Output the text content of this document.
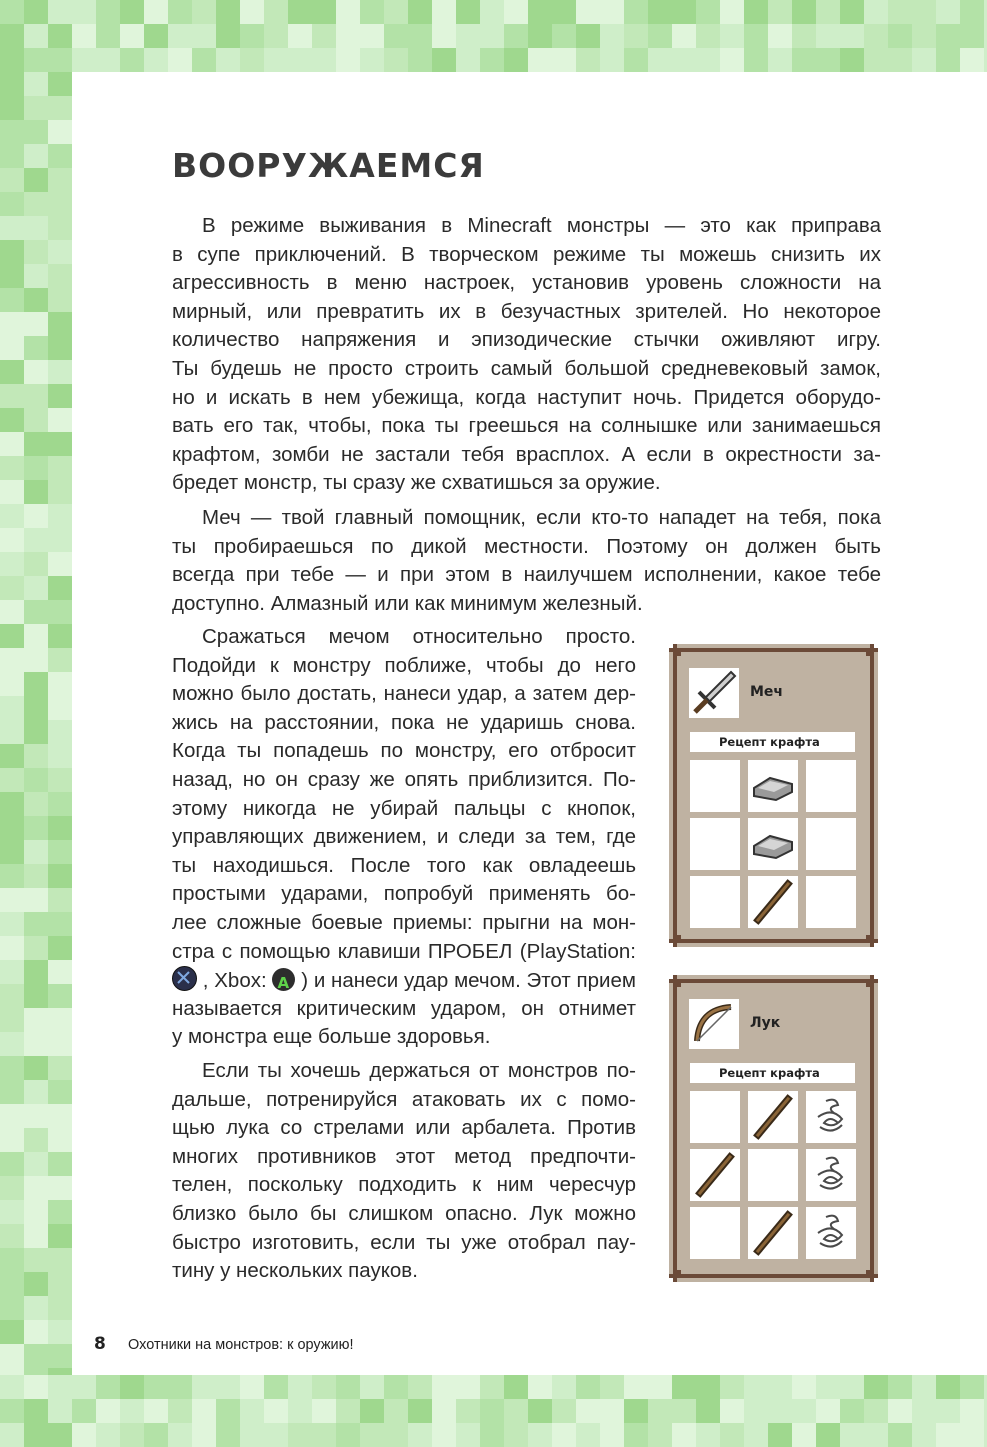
ВООРУЖАЕМСЯ
В режиме выживания в Minecraft монстры — это как приправа
в супе приключений. В творческом режиме ты можешь снизить их
агрессивность в меню настроек, установив уровень сложности на
мирный, или превратить их в безучастных зрителей. Но некоторое
количество напряжения и эпизодические стычки оживляют игру.
Ты будешь не просто строить самый большой средневековый замок,
но и искать в нем убежища, когда наступит ночь. Придется оборудо-
вать его так, чтобы, пока ты греешься на солнышке или занимаешься
крафтом, зомби не застали тебя врасплох. А если в окрестности за-
бредет монстр, ты сразу же схватишься за оружие.
Меч — твой главный помощник, если кто-то нападет на тебя, пока
ты пробираешься по дикой местности. Поэтому он должен быть
всегда при тебе — и при этом в наилучшем исполнении, какое тебе
доступно. Алмазный или как минимум железный.
Сражаться мечом относительно просто.
Подойди к монстру поближе, чтобы до него
можно было достать, нанеси удар, а затем дер-
жись на расстоянии, пока не ударишь снова.
Когда ты попадешь по монстру, его отбросит
назад, но он сразу же опять приблизится. По-
этому никогда не убирай пальцы с кнопок,
управляющих движением, и следи за тем, где
ты находишься. После того как овладеешь
простыми ударами, попробуй применять бо-
лее сложные боевые приемы: прыгни на мон-
стра с помощью клавиши ПРОБЕЛ (PlayStation:
, Xbox: A ) и нанеси удар мечом. Этот прием
называется критическим ударом, он отнимет
у монстра еще больше здоровья.
Если ты хочешь держаться от монстров по-
дальше, потренируйся атаковать их с помо-
щью лука со стрелами или арбалета. Против
многих противников этот метод предпочти-
телен, поскольку подходить к ним чересчур
близко было бы слишком опасно. Лук можно
быстро изготовить, если ты уже отобрал пау-
тину у нескольких пауков.
Меч
Рецепт крафта
Лук
Рецепт крафта
8 Охотники на монстров: к оружию!
